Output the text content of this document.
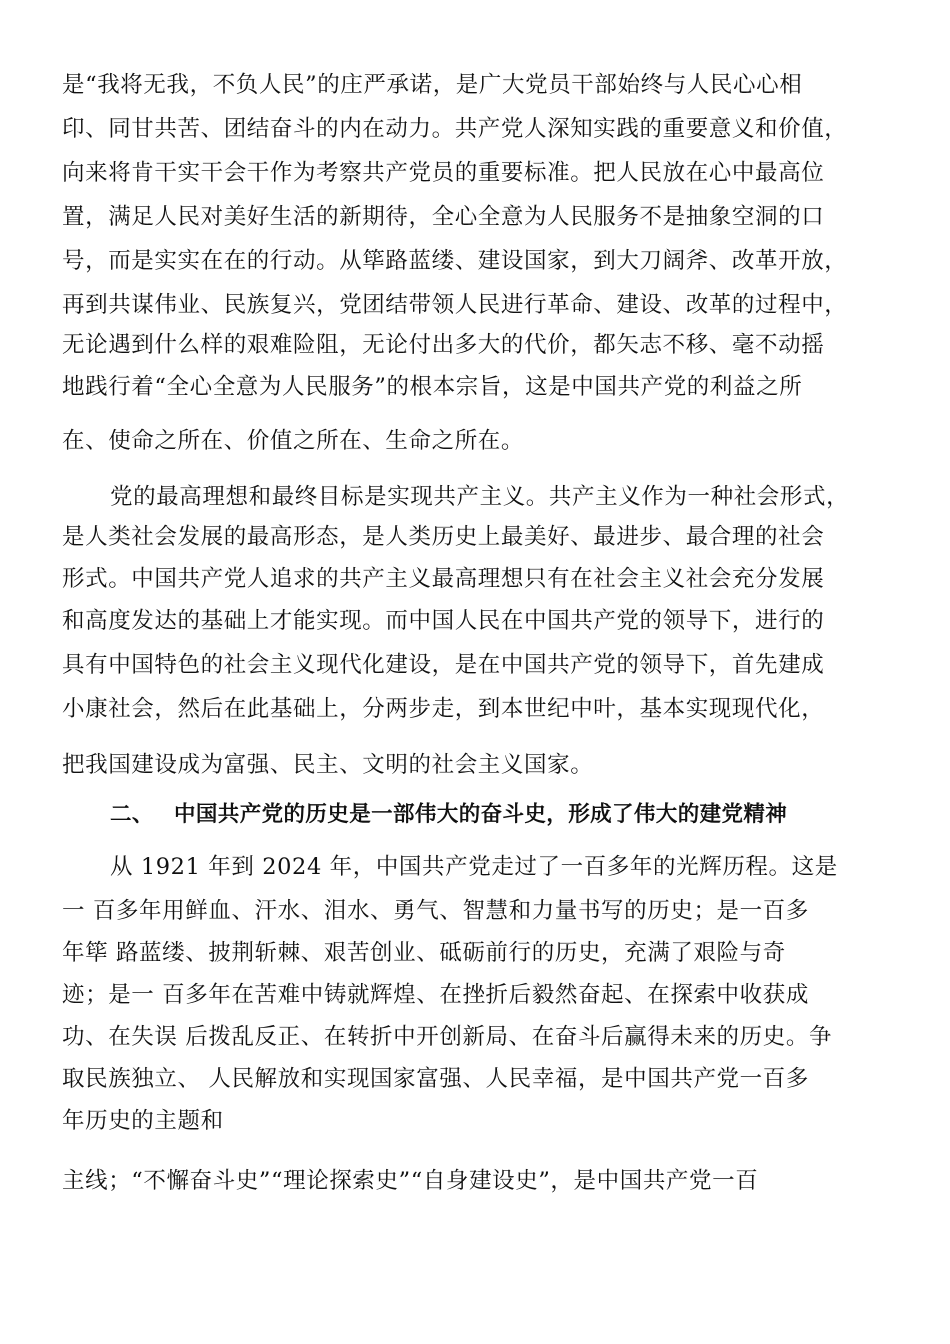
是“我将无我，不负人民”的庄严承诺，是广大党员干部始终与人民心心相
印、同甘共苦、团结奋斗的内在动力。共产党人深知实践的重要意义和价值，
向来将肯干实干会干作为考察共产党员的重要标准。把人民放在心中最高位
置，满足人民对美好生活的新期待，全心全意为人民服务不是抽象空洞的口
号，而是实实在在的行动。从筚路蓝缕、建设国家，到大刀阔斧、改革开放，
再到共谋伟业、民族复兴，党团结带领人民进行革命、建设、改革的过程中，
无论遇到什么样的艰难险阻，无论付出多大的代价，都矢志不移、毫不动摇
地践行着“全心全意为人民服务”的根本宗旨，这是中国共产党的利益之所
在、使命之所在、价值之所在、生命之所在。
党的最高理想和最终目标是实现共产主义。共产主义作为一种社会形式，
是人类社会发展的最高形态，是人类历史上最美好、最进步、最合理的社会
形式。中国共产党人追求的共产主义最高理想只有在社会主义社会充分发展
和高度发达的基础上才能实现。而中国人民在中国共产党的领导下，进行的
具有中国特色的社会主义现代化建设，是在中国共产党的领导下，首先建成
小康社会，然后在此基础上，分两步走，到本世纪中叶，基本实现现代化，
把我国建设成为富强、民主、文明的社会主义国家。
二、 中国共产党的历史是一部伟大的奋斗史，形成了伟大的建党精神
从 1921 年到 2024 年，中国共产党走过了一百多年的光辉历程。这是
一 百多年用鲜血、汗水、泪水、勇气、智慧和力量书写的历史；是一百多
年筚 路蓝缕、披荆斩棘、艰苦创业、砥砺前行的历史，充满了艰险与奇
迹；是一 百多年在苦难中铸就辉煌、在挫折后毅然奋起、在探索中收获成
功、在失误 后拨乱反正、在转折中开创新局、在奋斗后赢得未来的历史。争
取民族独立、 人民解放和实现国家富强、人民幸福，是中国共产党一百多
年历史的主题和
主线；“不懈奋斗史”“理论探索史”“自身建设史”，是中国共产党一百
